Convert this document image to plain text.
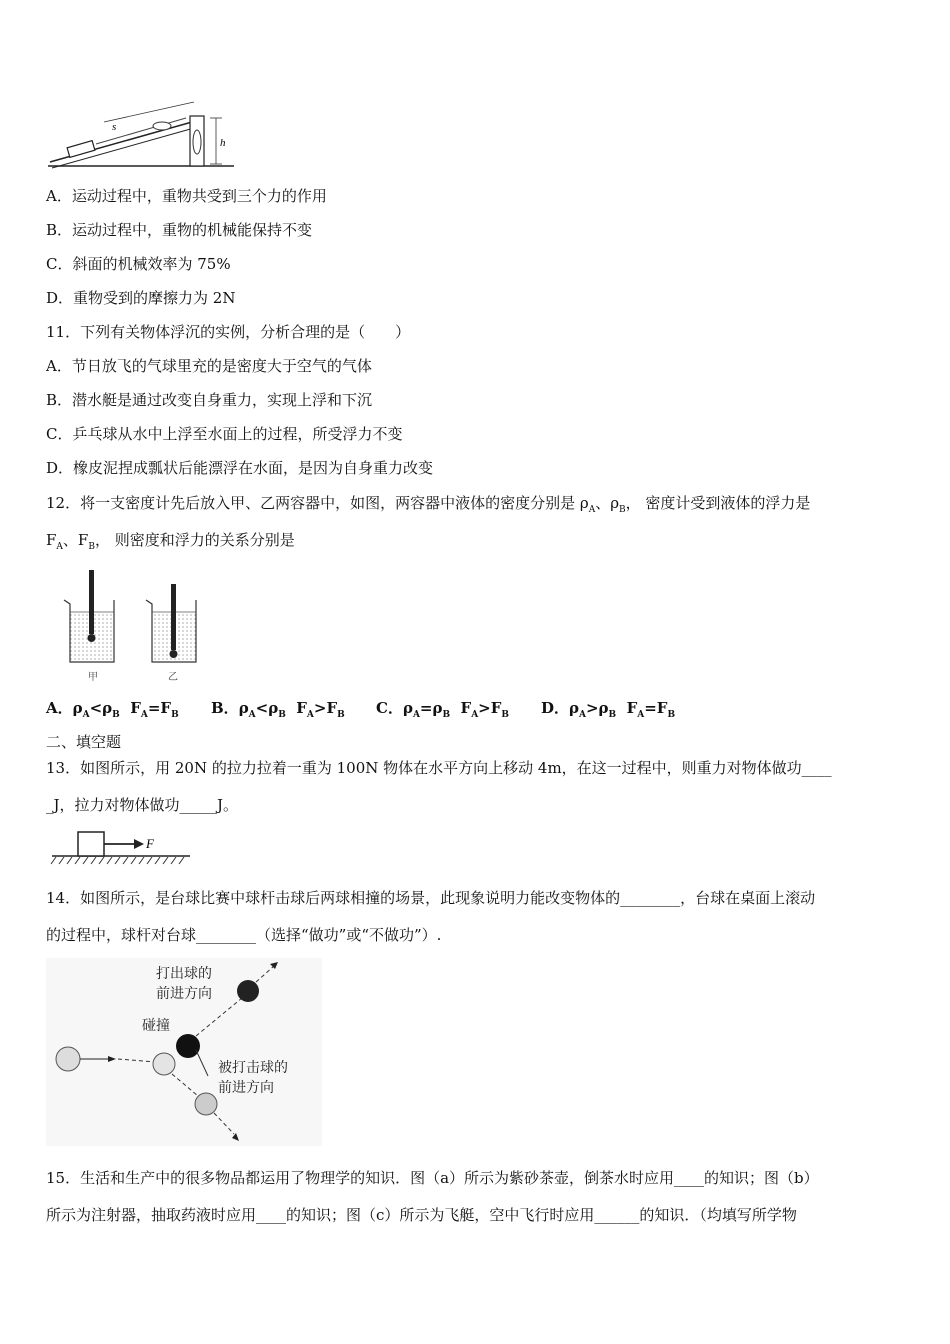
s
h
A．运动过程中，重物共受到三个力的作用
B．运动过程中，重物的机械能保持不变
C．斜面的机械效率为 75%
D．重物受到的摩擦力为 2N
11．下列有关物体浮沉的实例，分析合理的是（　　）
A．节日放飞的气球里充的是密度大于空气的气体
B．潜水艇是通过改变自身重力，实现上浮和下沉
C．乒乓球从水中上浮至水面上的过程，所受浮力不变
D．橡皮泥捏成瓢状后能漂浮在水面，是因为自身重力改变
12．将一支密度计先后放入甲、乙两容器中，如图，两容器中液体的密度分别是 $\rho_A$、$\rho_B$， 密度计受到液体的浮力是
$F_A$、$F_B$， 则密度和浮力的关系分别是
甲	乙
A．$\rho_A<\rho_B$ $F_A=F_B$ B．$\rho_A<\rho_B$ $F_A>F_B$ C．$\rho_A=\rho_B$ $F_A>F_B$ D．$\rho_A>\rho_B$ $F_A=F_B$
二、填空题
13．如图所示，用 20N 的拉力拉着一重为 100N 物体在水平方向上移动 4m，在这一过程中，则重力对物体做功____
_J，拉力对物体做功_____J。
F
14．如图所示，是台球比赛中球杆击球后两球相撞的场景，此现象说明力能改变物体的________，台球在桌面上滚动
的过程中，球杆对台球________（选择“做功”或“不做功”）.
打出球的
前进方向
碰撞
被打击球的
前进方向
15．生活和生产中的很多物品都运用了物理学的知识．图（a）所示为紫砂茶壶，倒茶水时应用____的知识；图（b）
所示为注射器，抽取药液时应用____的知识；图（c）所示为飞艇，空中飞行时应用______的知识．（均填写所学物
